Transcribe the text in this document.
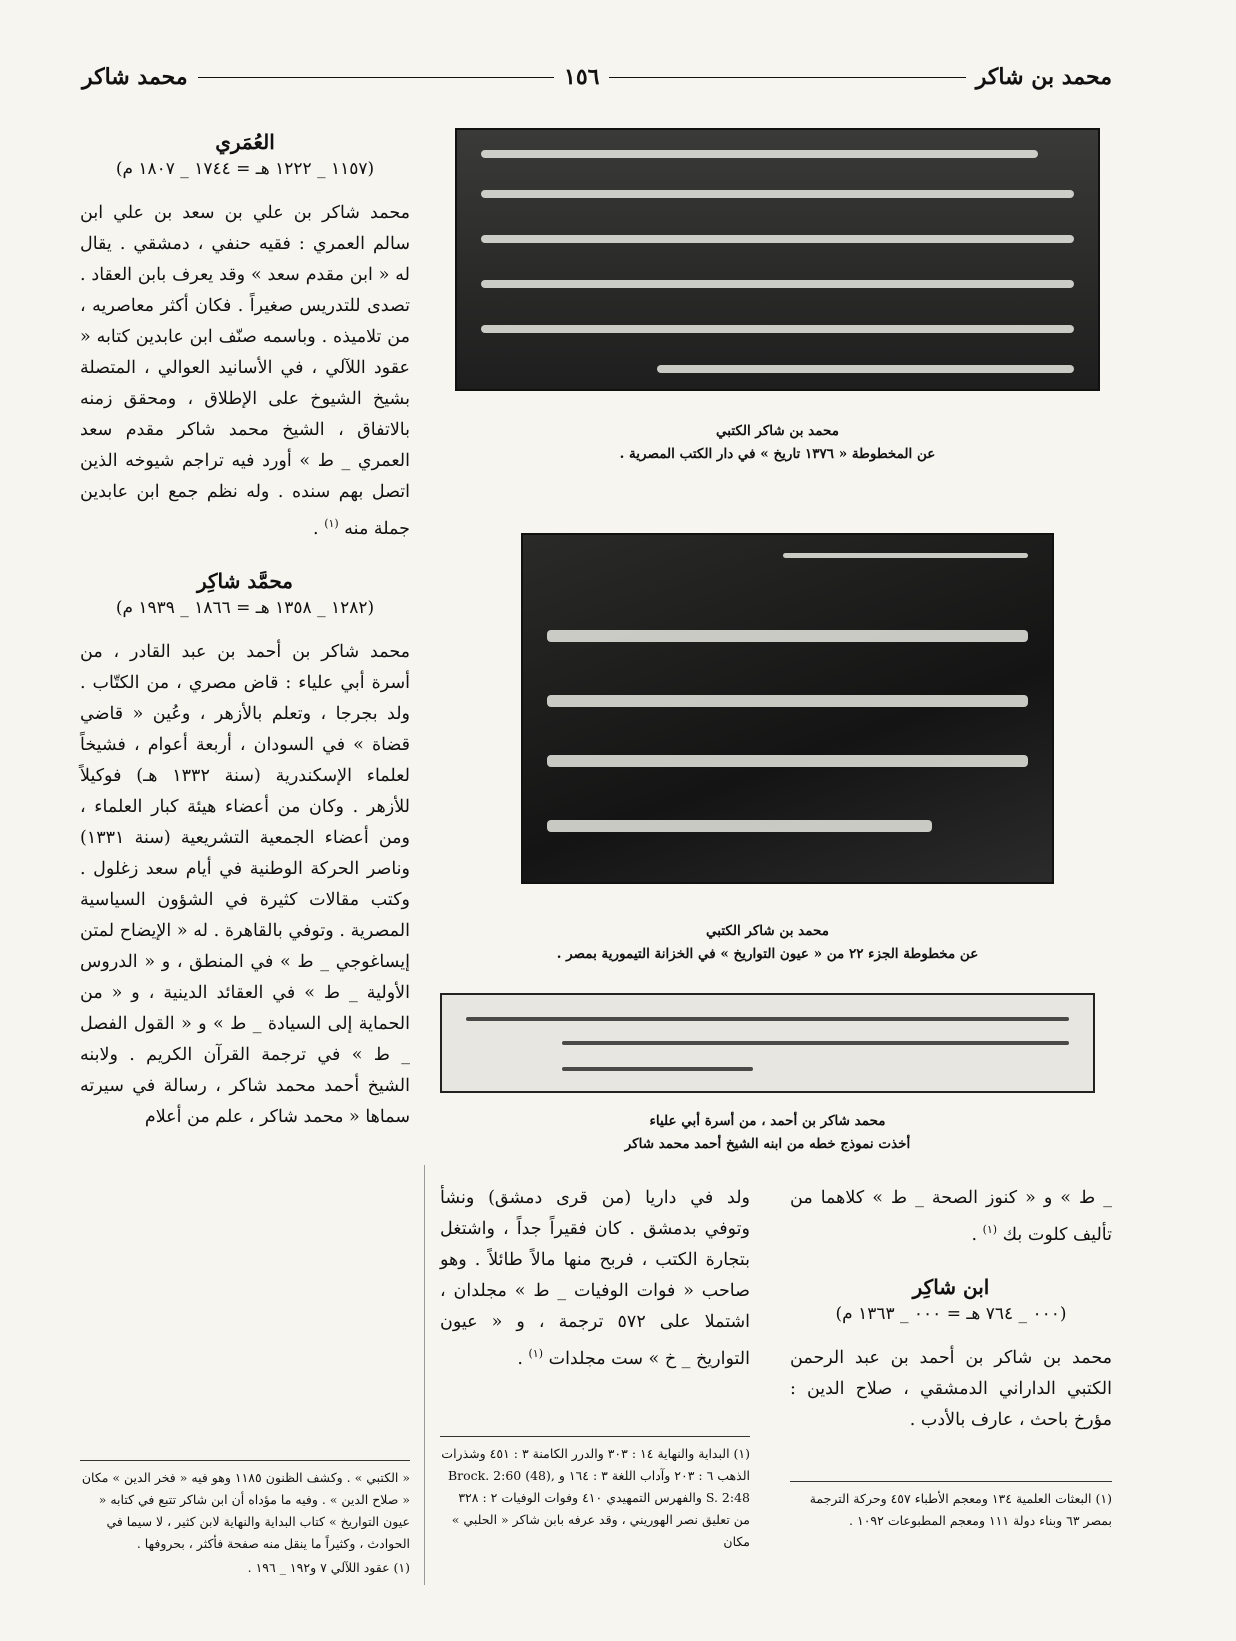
محمد بن شاكر
١٥٦
محمد شاكر
العُمَري
(١١٥٧ _ ١٢٢٢ هـ = ١٧٤٤ _ ١٨٠٧ م)
محمد شاكر بن علي بن سعد بن علي ابن سالم العمري : فقيه حنفي ، دمشقي . يقال له « ابن مقدم سعد » وقد يعرف بابن العقاد . تصدى للتدريس صغيراً . فكان أكثر معاصريه ، من تلاميذه . وباسمه صنّف ابن عابدين كتابه « عقود اللآلي ، في الأسانيد العوالي ، المتصلة بشيخ الشيوخ على الإطلاق ، ومحقق زمنه بالاتفاق ، الشيخ محمد شاكر مقدم سعد العمري _ ط » أورد فيه تراجم شيوخه الذين اتصل بهم سنده . وله نظم جمع ابن عابدين جملة منه $^{(١)}$ .
محمَّد شاكِر
(١٢٨٢ _ ١٣٥٨ هـ = ١٨٦٦ _ ١٩٣٩ م)
محمد شاكر بن أحمد بن عبد القادر ، من أسرة أبي علياء : قاض مصري ، من الكتّاب . ولد بجرجا ، وتعلم بالأزهر ، وعُين « قاضي قضاة » في السودان ، أربعة أعوام ، فشيخاً لعلماء الإسكندرية (سنة ١٣٣٢ هـ) فوكيلاً للأزهر . وكان من أعضاء هيئة كبار العلماء ، ومن أعضاء الجمعية التشريعية (سنة ١٣٣١) وناصر الحركة الوطنية في أيام سعد زغلول . وكتب مقالات كثيرة في الشؤون السياسية المصرية . وتوفي بالقاهرة . له « الإيضاح لمتن إيساغوجي _ ط » في المنطق ، و « الدروس الأولية _ ط » في العقائد الدينية ، و « من الحماية إلى السيادة _ ط » و « القول الفصل _ ط » في ترجمة القرآن الكريم . ولابنه الشيخ أحمد محمد شاكر ، رسالة في سيرته سماها « محمد شاكر ، علم من أعلام
« الكتبي » . وكشف الظنون ١١٨٥ وهو فيه « فخر الدين » مكان « صلاح الدين » . وفيه ما مؤداه أن ابن شاكر تتبع في كتابه « عيون التواريخ » كتاب البداية والنهاية لابن كثير ، لا سيما في الحوادث ، وكثيراً ما ينقل منه صفحة فأكثر ، بحروفها .
(١) عقود اللآلي ٧ و١٩٢ _ ١٩٦ .
محمد بن شاكر الكتبي
عن المخطوطة « ١٣٧٦ تاريخ » في دار الكتب المصرية .
محمد بن شاكر الكتبي
عن مخطوطة الجزء ٢٢ من « عيون التواريخ » في الخزانة التيمورية بمصر .
محمد شاكر بن أحمد ، من أسرة أبي علياء
أخذت نموذج خطه من ابنه الشيخ أحمد محمد شاكر
ولد في داريا (من قرى دمشق) ونشأ وتوفي بدمشق . كان فقيراً جداً ، واشتغل بتجارة الكتب ، فربح منها مالاً طائلاً . وهو صاحب « فوات الوفيات _ ط » مجلدان ، اشتملا على ٥٧٢ ترجمة ، و « عيون التواريخ _ خ » ست مجلدات $^{(١)}$ .
(١) البداية والنهاية ١٤ : ٣٠٣ والدرر الكامنة ٣ : ٤٥١ وشذرات الذهب ٦ : ٢٠٣ وآداب اللغة ٣ : ١٦٤ و Brock. 2:60 (48), S. 2:48 والفهرس التمهيدي ٤١٠ وفوات الوفيات ٢ : ٣٢٨ من تعليق نصر الهوريني ، وقد عرفه بابن شاكر « الحلبي » مكان
_ ط » و « كنوز الصحة _ ط » كلاهما من تأليف كلوت بك $^{(١)}$ .
ابن شاكِر
(٠٠٠ _ ٧٦٤ هـ = ٠٠٠ _ ١٣٦٣ م)
محمد بن شاكر بن أحمد بن عبد الرحمن الكتبي الداراني الدمشقي ، صلاح الدين : مؤرخ باحث ، عارف بالأدب .
(١) البعثات العلمية ١٣٤ ومعجم الأطباء ٤٥٧ وحركة الترجمة بمصر ٦٣ وبناء دولة ١١١ ومعجم المطبوعات ١٠٩٢ .
